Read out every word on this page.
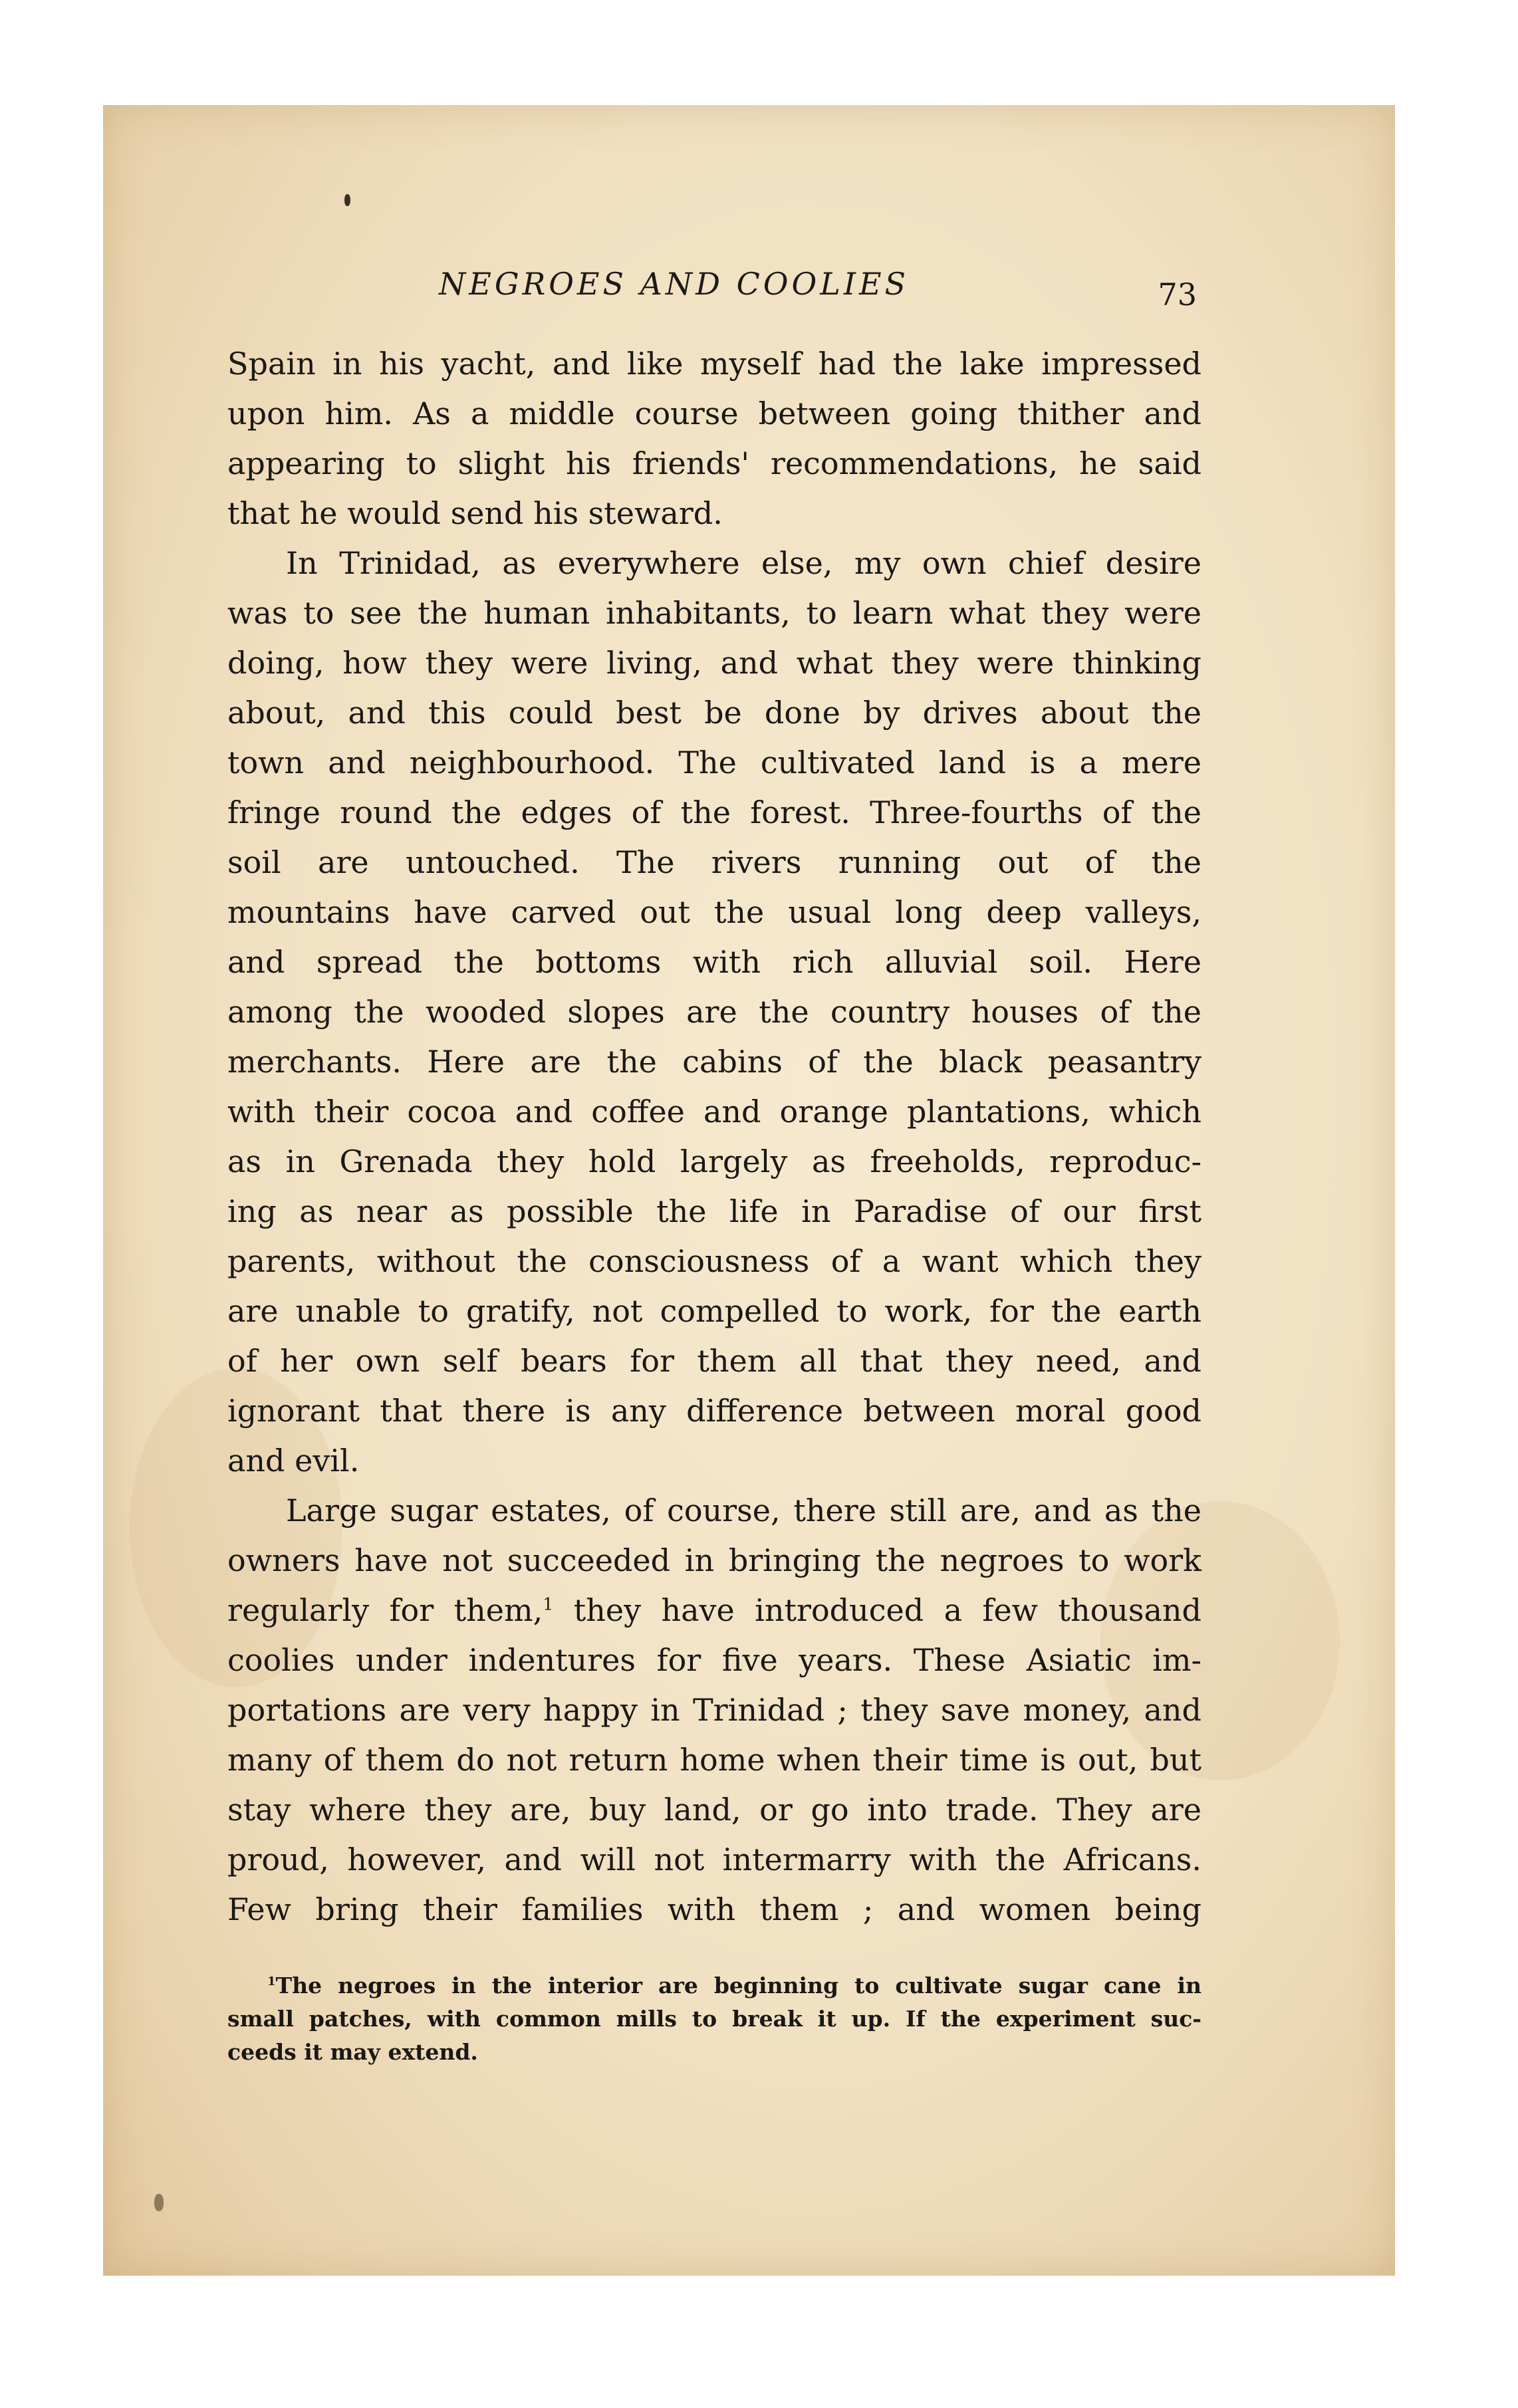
NEGROES AND COOLIES	73
Spain in his yacht, and like myself had the lake impressed
upon him. As a middle course between going thither and
appearing to slight his friends' recommendations, he said
that he would send his steward.
In Trinidad, as everywhere else, my own chief desire
was to see the human inhabitants, to learn what they were
doing, how they were living, and what they were thinking
about, and this could best be done by drives about the
town and neighbourhood. The cultivated land is a mere
fringe round the edges of the forest. Three-fourths of the
soil are untouched. The rivers running out of the
mountains have carved out the usual long deep valleys,
and spread the bottoms with rich alluvial soil. Here
among the wooded slopes are the country houses of the
merchants. Here are the cabins of the black peasantry
with their cocoa and coffee and orange plantations, which
as in Grenada they hold largely as freeholds, reproduc-
ing as near as possible the life in Paradise of our first
parents, without the consciousness of a want which they
are unable to gratify, not compelled to work, for the earth
of her own self bears for them all that they need, and
ignorant that there is any difference between moral good
and evil.
Large sugar estates, of course, there still are, and as the
owners have not succeeded in bringing the negroes to work
regularly for them,$^1$ they have introduced a few thousand
coolies under indentures for five years. These Asiatic im-
portations are very happy in Trinidad ; they save money, and
many of them do not return home when their time is out, but
stay where they are, buy land, or go into trade. They are
proud, however, and will not intermarry with the Africans.
Few bring their families with them ; and women being
$^1$The negroes in the interior are beginning to cultivate sugar cane in
small patches, with common mills to break it up. If the experiment suc-
ceeds it may extend.
